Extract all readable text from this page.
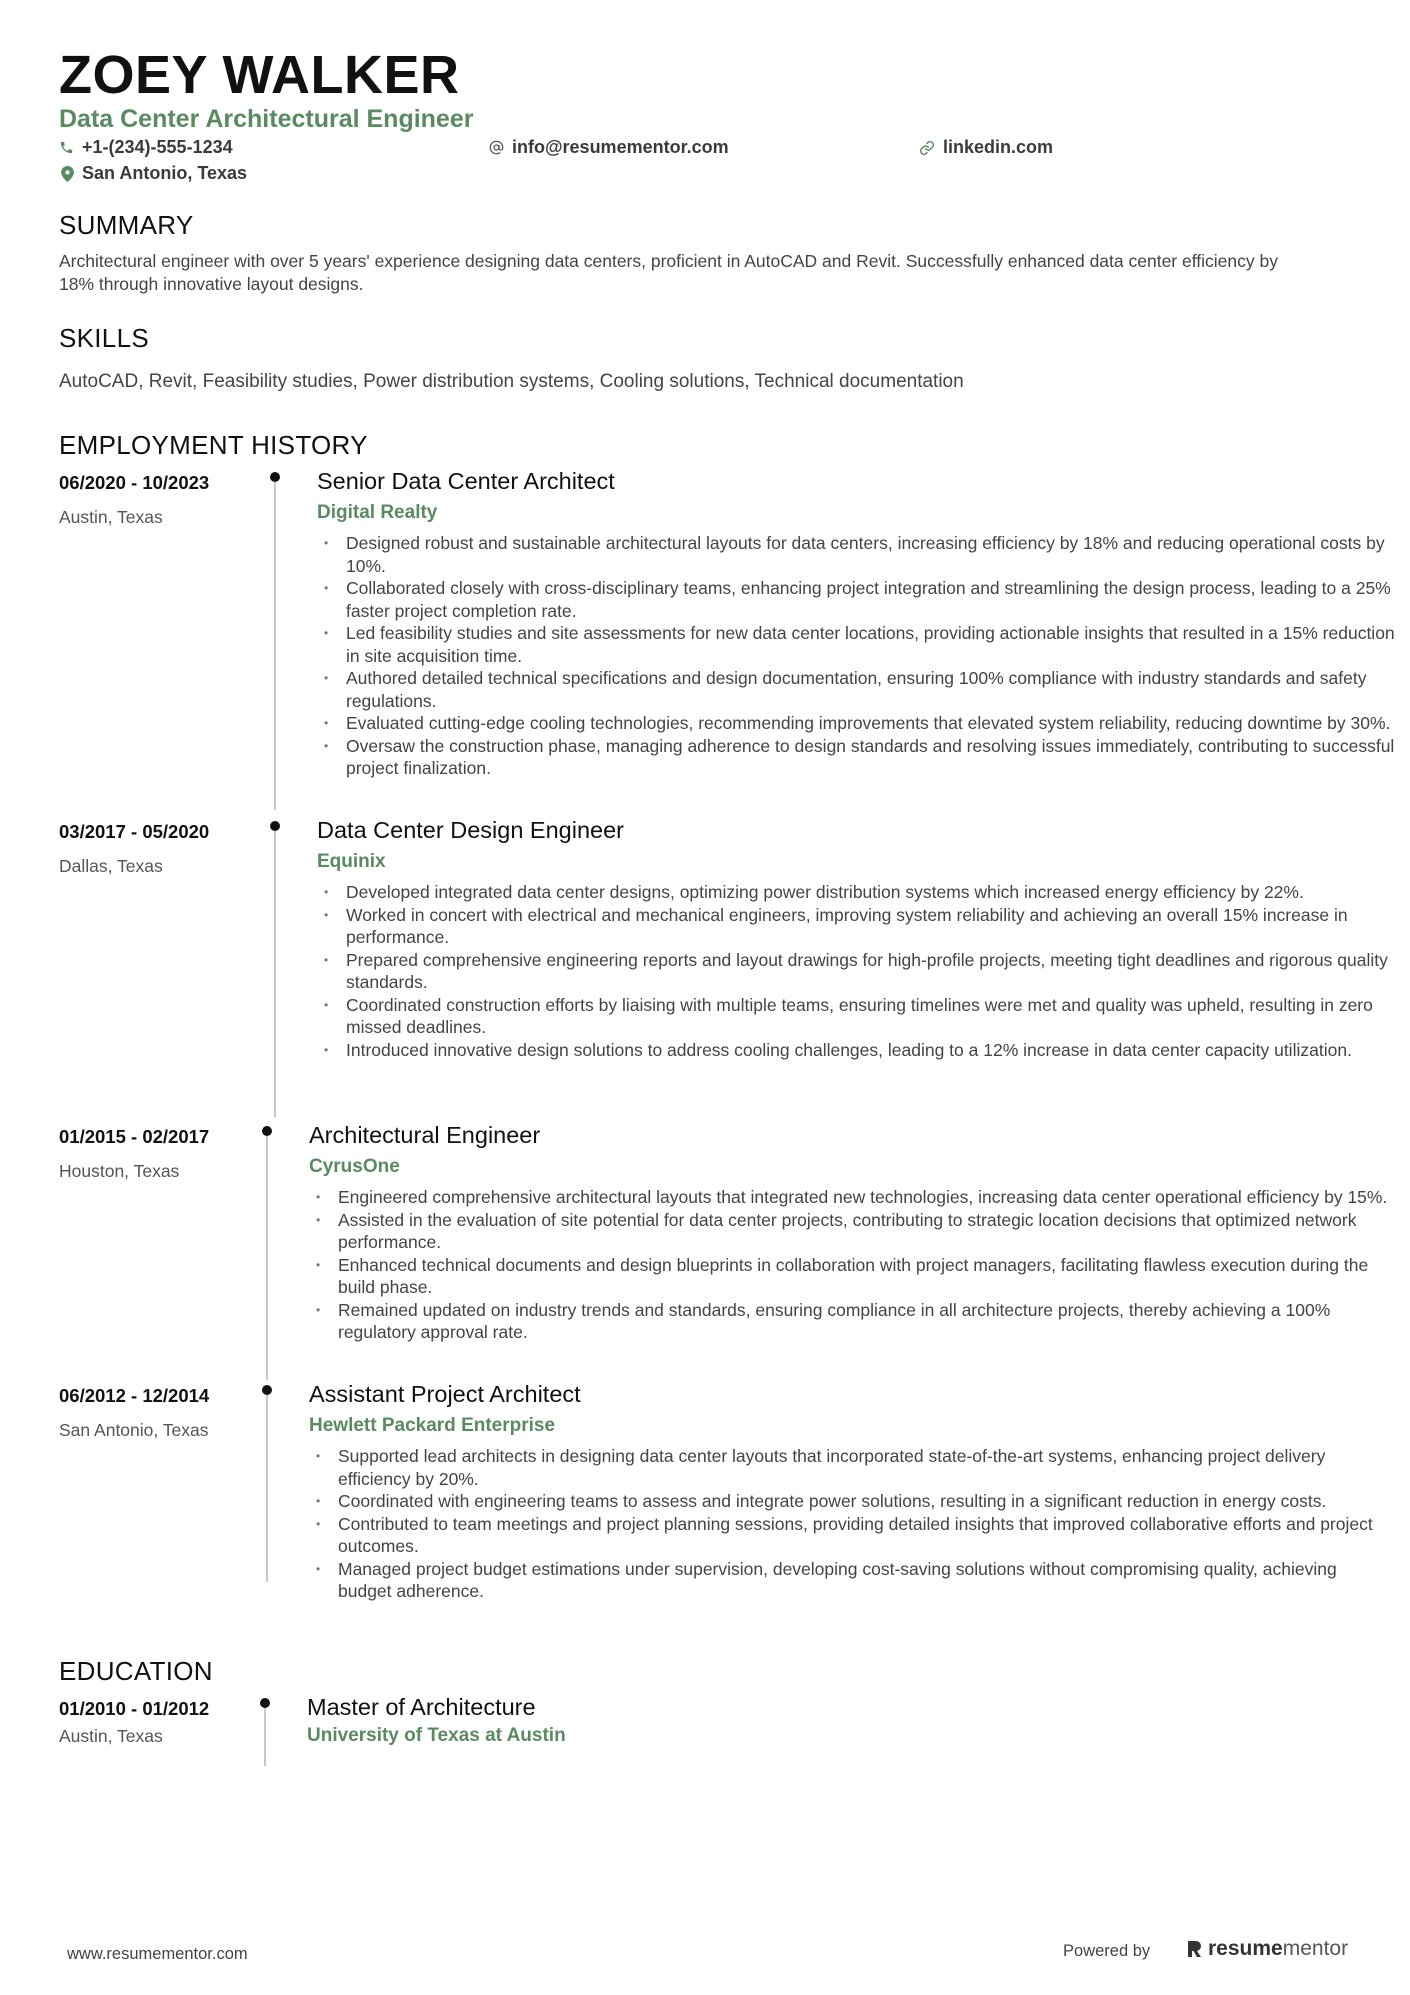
ZOEY WALKER
Data Center Architectural Engineer
+1-(234)-555-1234	info@resumementor.com	linkedin.com
San Antonio, Texas
SUMMARY

Architectural engineer with over 5 years' experience designing data centers, proficient in AutoCAD and Revit. Successfully enhanced data center efficiency by 18% through innovative layout designs.

SKILLS

AutoCAD, Revit, Feasibility studies, Power distribution systems, Cooling solutions, Technical documentation

EMPLOYMENT HISTORY
06/2020 - 10/2023
Austin, Texas
Senior Data Center Architect
Digital Realty
• Designed robust and sustainable architectural layouts for data centers, increasing efficiency by 18% and reducing operational costs by 10%.
• Collaborated closely with cross-disciplinary teams, enhancing project integration and streamlining the design process, leading to a 25% faster project completion rate.
• Led feasibility studies and site assessments for new data center locations, providing actionable insights that resulted in a 15% reduction in site acquisition time.
• Authored detailed technical specifications and design documentation, ensuring 100% compliance with industry standards and safety regulations.
• Evaluated cutting-edge cooling technologies, recommending improvements that elevated system reliability, reducing downtime by 30%.
• Oversaw the construction phase, managing adherence to design standards and resolving issues immediately, contributing to successful project finalization.
03/2017 - 05/2020
Dallas, Texas
Data Center Design Engineer
Equinix
• Developed integrated data center designs, optimizing power distribution systems which increased energy efficiency by 22%.
• Worked in concert with electrical and mechanical engineers, improving system reliability and achieving an overall 15% increase in performance.
• Prepared comprehensive engineering reports and layout drawings for high-profile projects, meeting tight deadlines and rigorous quality standards.
• Coordinated construction efforts by liaising with multiple teams, ensuring timelines were met and quality was upheld, resulting in zero missed deadlines.
• Introduced innovative design solutions to address cooling challenges, leading to a 12% increase in data center capacity utilization.
01/2015 - 02/2017
Houston, Texas
Architectural Engineer
CyrusOne
• Engineered comprehensive architectural layouts that integrated new technologies, increasing data center operational efficiency by 15%.
• Assisted in the evaluation of site potential for data center projects, contributing to strategic location decisions that optimized network performance.
• Enhanced technical documents and design blueprints in collaboration with project managers, facilitating flawless execution during the build phase.
• Remained updated on industry trends and standards, ensuring compliance in all architecture projects, thereby achieving a 100% regulatory approval rate.
06/2012 - 12/2014
San Antonio, Texas
Assistant Project Architect
Hewlett Packard Enterprise
• Supported lead architects in designing data center layouts that incorporated state-of-the-art systems, enhancing project delivery efficiency by 20%.
• Coordinated with engineering teams to assess and integrate power solutions, resulting in a significant reduction in energy costs.
• Contributed to team meetings and project planning sessions, providing detailed insights that improved collaborative efforts and project outcomes.
• Managed project budget estimations under supervision, developing cost-saving solutions without compromising quality, achieving budget adherence.
EDUCATION
01/2010 - 01/2012
Austin, Texas
Master of Architecture
University of Texas at Austin
www.resumementor.com	Powered by	resumementor
